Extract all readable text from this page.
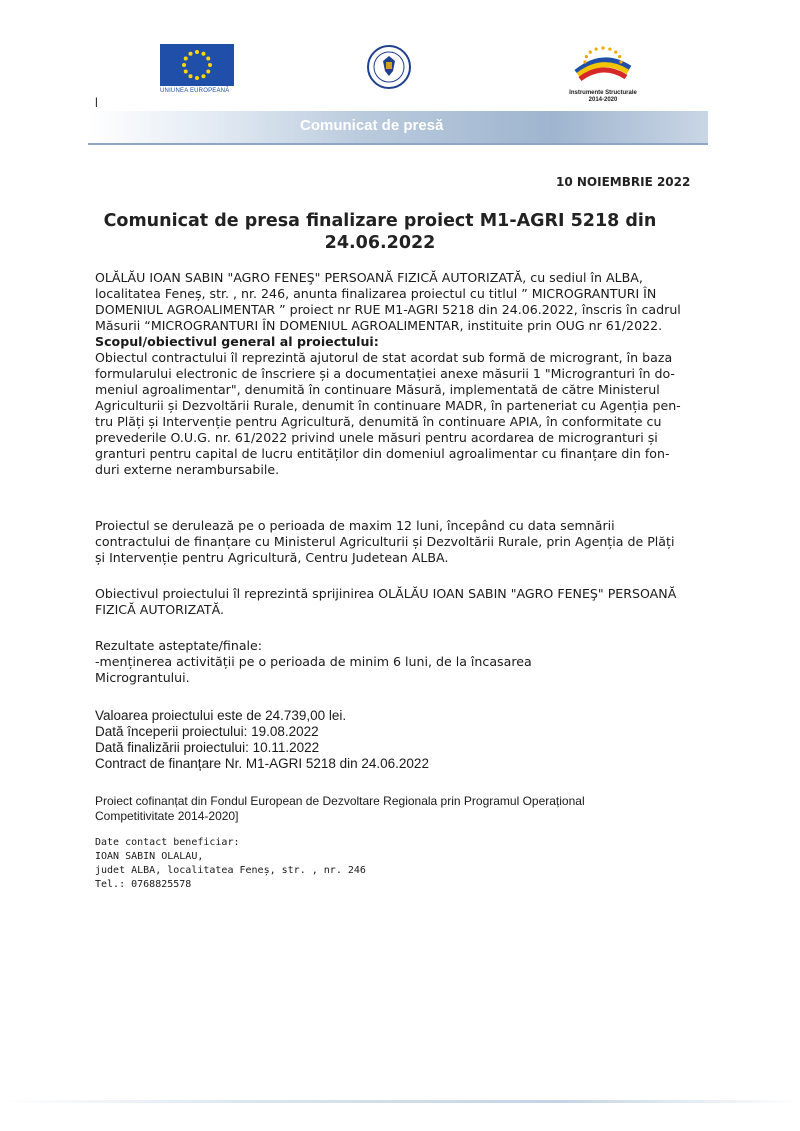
UNIUNEA EUROPEANĂ	Instrumente Structurale
2014-2020
l
Comunicat de presă
10 NOIEMBRIE 2022
Comunicat de presa finalizare proiect M1-AGRI 5218 din
24.06.2022

OLĂLĂU IOAN SABIN "AGRO FENEŞ" PERSOANĂ FIZICĂ AUTORIZATĂ, cu sediul în ALBA,

localitatea Feneș, str. , nr. 246, anunta finalizarea proiectul cu titlul ” MICROGRANTURI ÎN

DOMENIUL AGROALIMENTAR ” proiect nr RUE M1-AGRI 5218 din 24.06.2022, înscris în cadrul

Măsurii “MICROGRANTURI ÎN DOMENIUL AGROALIMENTAR, instituite prin OUG nr 61/2022.

Scopul/obiectivul general al proiectului:

Obiectul contractului îl reprezintă ajutorul de stat acordat sub formă de microgrant, în baza

formularului electronic de înscriere și a documentației anexe măsurii 1 "Microgranturi în do-

meniul agroalimentar", denumită în continuare Măsură, implementată de către Ministerul

Agriculturii și Dezvoltării Rurale, denumit în continuare MADR, în parteneriat cu Agenția pen-

tru Plăți și Intervenție pentru Agricultură, denumită în continuare APIA, în conformitate cu

prevederile O.U.G. nr. 61/2022 privind unele măsuri pentru acordarea de microgranturi și

granturi pentru capital de lucru entităților din domeniul agroalimentar cu finanțare din fon-

duri externe nerambursabile.

Proiectul se derulează pe o perioada de maxim 12 luni, începând cu data semnării

contractului de finanțare cu Ministerul Agriculturii și Dezvoltării Rurale, prin Agenția de Plăți

și Intervenție pentru Agricultură, Centru Judetean ALBA.

Obiectivul proiectului îl reprezintă sprijinirea OLĂLĂU IOAN SABIN "AGRO FENEŞ" PERSOANĂ

FIZICĂ AUTORIZATĂ.

Rezultate asteptate/finale:

-menținerea activității pe o perioada de minim 6 luni, de la încasarea

Micrograntului.

Valoarea proiectului este de 24.739,00 lei.

Dată începerii proiectului: 19.08.2022

Dată finalizării proiectului: 10.11.2022

Contract de finanțare Nr. M1-AGRI 5218 din 24.06.2022

Proiect cofinanțat din Fondul European de Dezvoltare Regionala prin Programul Operațional

Competitivitate 2014-2020]

Date contact beneficiar:

IOAN SABIN OLALAU,

judet ALBA, localitatea Feneș, str. , nr. 246

Tel.: 0768825578
